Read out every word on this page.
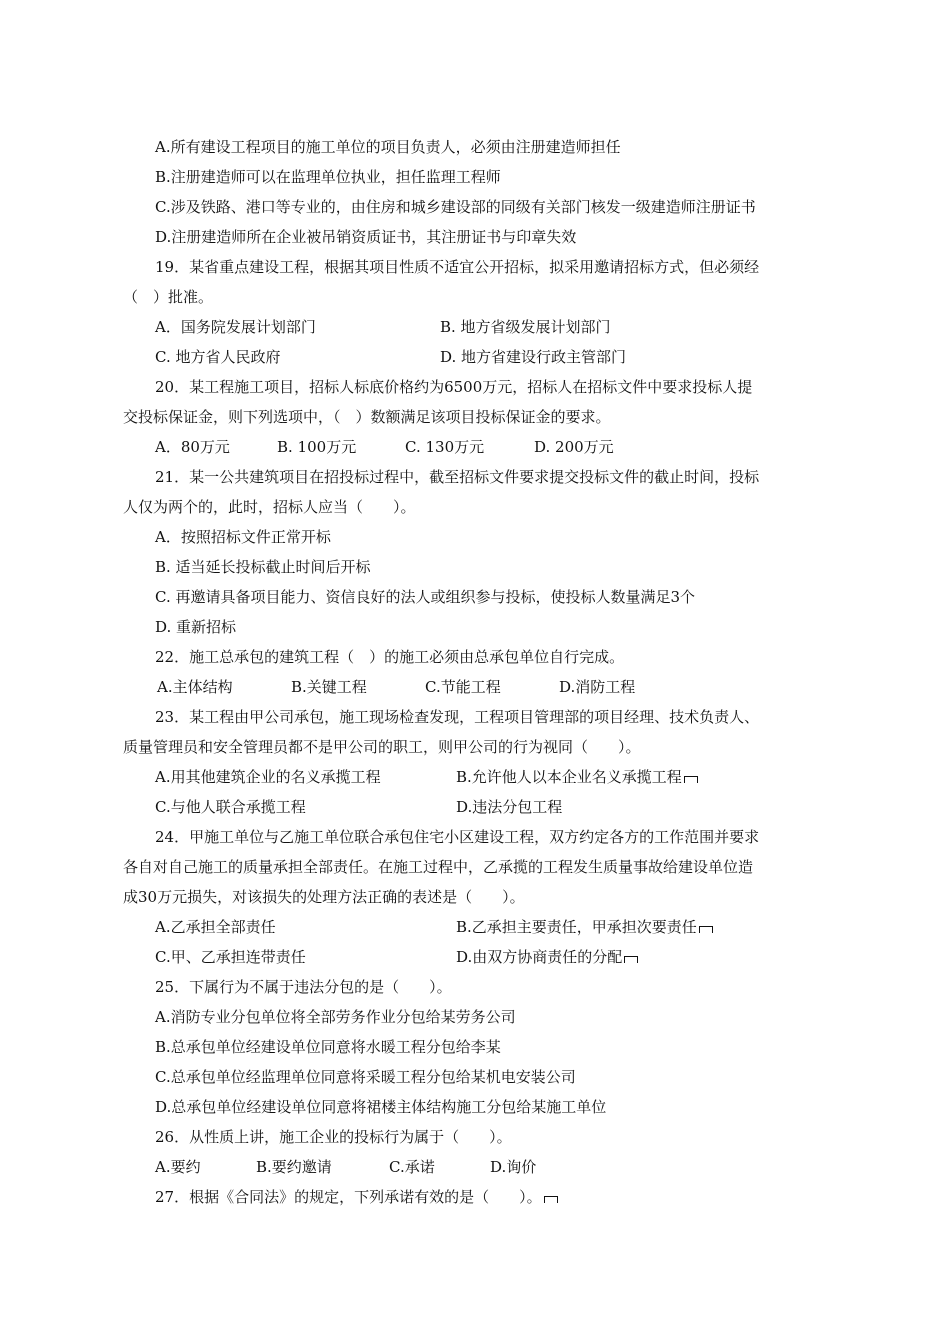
A.所有建设工程项目的施工单位的项目负责人，必须由注册建造师担任
B.注册建造师可以在监理单位执业，担任监理工程师
C.涉及铁路、港口等专业的，由住房和城乡建设部的同级有关部门核发一级建造师注册证书
D.注册建造师所在企业被吊销资质证书，其注册证书与印章失效
19．某省重点建设工程，根据其项目性质不适宜公开招标，拟采用邀请招标方式，但必须经
（　）批准。
A．国务院发展计划部门	B. 地方省级发展计划部门
C. 地方省人民政府	D. 地方省建设行政主管部门
20．某工程施工项目，招标人标底价格约为6500万元，招标人在招标文件中要求投标人提
交投标保证金，则下列选项中，（　）数额满足该项目投标保证金的要求。
A．80万元	B. 100万元	C. 130万元	D. 200万元
21．某一公共建筑项目在招投标过程中，截至招标文件要求提交投标文件的截止时间，投标
人仅为两个的，此时，招标人应当（　　）。
A．按照招标文件正常开标
B. 适当延长投标截止时间后开标
C. 再邀请具备项目能力、资信良好的法人或组织参与投标，使投标人数量满足3个
D. 重新招标
22．施工总承包的建筑工程（　）的施工必须由总承包单位自行完成。
A.主体结构	B.关键工程	C.节能工程	D.消防工程
23．某工程由甲公司承包，施工现场检查发现，工程项目管理部的项目经理、技术负责人、
质量管理员和安全管理员都不是甲公司的职工，则甲公司的行为视同（　　）。
A.用其他建筑企业的名义承揽工程	B.允许他人以本企业名义承揽工程
C.与他人联合承揽工程	D.违法分包工程
24．甲施工单位与乙施工单位联合承包住宅小区建设工程，双方约定各方的工作范围并要求
各自对自己施工的质量承担全部责任。在施工过程中，乙承揽的工程发生质量事故给建设单位造
成30万元损失，对该损失的处理方法正确的表述是（　　）。
A.乙承担全部责任	B.乙承担主要责任，甲承担次要责任
C.甲、乙承担连带责任	D.由双方协商责任的分配
25．下属行为不属于违法分包的是（　　）。
A.消防专业分包单位将全部劳务作业分包给某劳务公司
B.总承包单位经建设单位同意将水暖工程分包给李某
C.总承包单位经监理单位同意将采暖工程分包给某机电安装公司
D.总承包单位经建设单位同意将裙楼主体结构施工分包给某施工单位
26．从性质上讲，施工企业的投标行为属于（　　）。
A.要约	B.要约邀请	C.承诺	D.询价
27．根据《合同法》的规定，下列承诺有效的是（　　）。
